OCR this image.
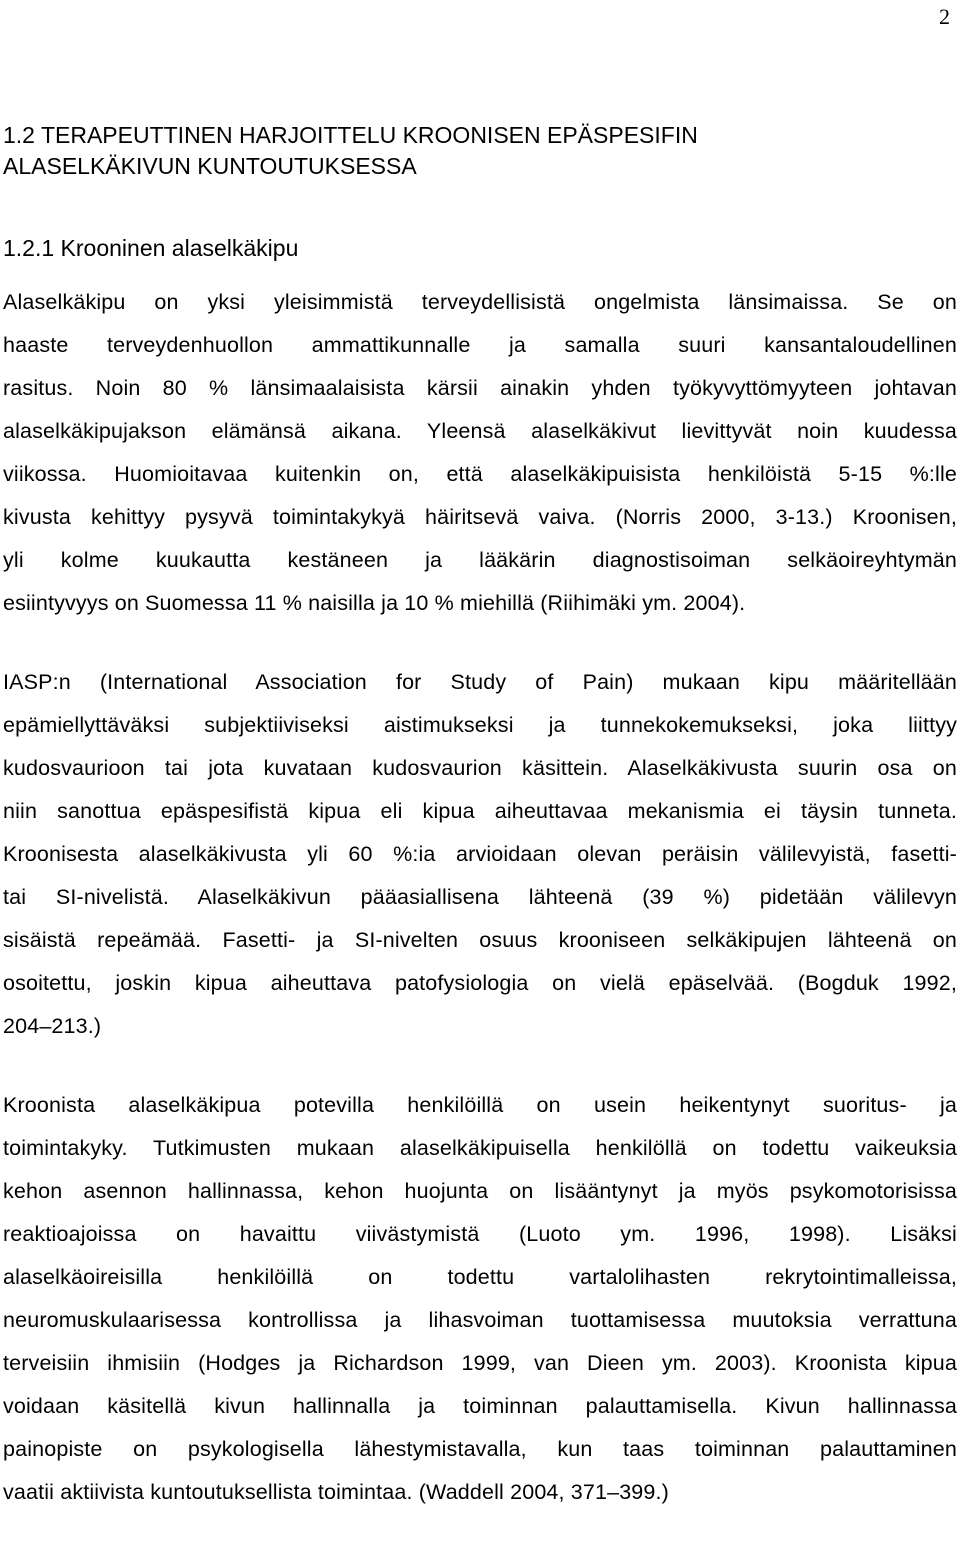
2
1.2 TERAPEUTTINEN HARJOITTELU KROONISEN EPÄSPESIFIN
ALASELKÄKIVUN KUNTOUTUKSESSA
1.2.1 Krooninen alaselkäkipu
Alaselkäkipu on yksi yleisimmistä terveydellisistä ongelmista länsimaissa. Se on
haaste terveydenhuollon ammattikunnalle ja samalla suuri kansantaloudellinen
rasitus. Noin 80 % länsimaalaisista kärsii ainakin yhden työkyvyttömyyteen johtavan
alaselkäkipujakson elämänsä aikana. Yleensä alaselkäkivut lievittyvät noin kuudessa
viikossa. Huomioitavaa kuitenkin on, että alaselkäkipuisista henkilöistä 5-15 %:lle
kivusta kehittyy pysyvä toimintakykyä häiritsevä vaiva. (Norris 2000, 3-13.) Kroonisen,
yli kolme kuukautta kestäneen ja lääkärin diagnostisoiman selkäoireyhtymän
esiintyvyys on Suomessa 11 % naisilla ja 10 % miehillä (Riihimäki ym. 2004).
IASP:n (International Association for Study of Pain) mukaan kipu määritellään
epämiellyttäväksi subjektiiviseksi aistimukseksi ja tunnekokemukseksi, joka liittyy
kudosvaurioon tai jota kuvataan kudosvaurion käsittein. Alaselkäkivusta suurin osa on
niin sanottua epäspesifistä kipua eli kipua aiheuttavaa mekanismia ei täysin tunneta.
Kroonisesta alaselkäkivusta yli 60 %:ia arvioidaan olevan peräisin välilevyistä, fasetti-
tai SI-nivelistä. Alaselkäkivun pääasiallisena lähteenä (39 %) pidetään välilevyn
sisäistä repeämää. Fasetti- ja SI-nivelten osuus krooniseen selkäkipujen lähteenä on
osoitettu, joskin kipua aiheuttava patofysiologia on vielä epäselvää. (Bogduk 1992,
204–213.)
Kroonista alaselkäkipua potevilla henkilöillä on usein heikentynyt suoritus- ja
toimintakyky. Tutkimusten mukaan alaselkäkipuisella henkilöllä on todettu vaikeuksia
kehon asennon hallinnassa, kehon huojunta on lisääntynyt ja myös psykomotorisissa
reaktioajoissa on havaittu viivästymistä (Luoto ym. 1996, 1998). Lisäksi
alaselkäoireisilla henkilöillä on todettu vartalolihasten rekrytointimalleissa,
neuromuskulaarisessa kontrollissa ja lihasvoiman tuottamisessa muutoksia verrattuna
terveisiin ihmisiin (Hodges ja Richardson 1999, van Dieen ym. 2003). Kroonista kipua
voidaan käsitellä kivun hallinnalla ja toiminnan palauttamisella. Kivun hallinnassa
painopiste on psykologisella lähestymistavalla, kun taas toiminnan palauttaminen
vaatii aktiivista kuntoutuksellista toimintaa. (Waddell 2004, 371–399.)
